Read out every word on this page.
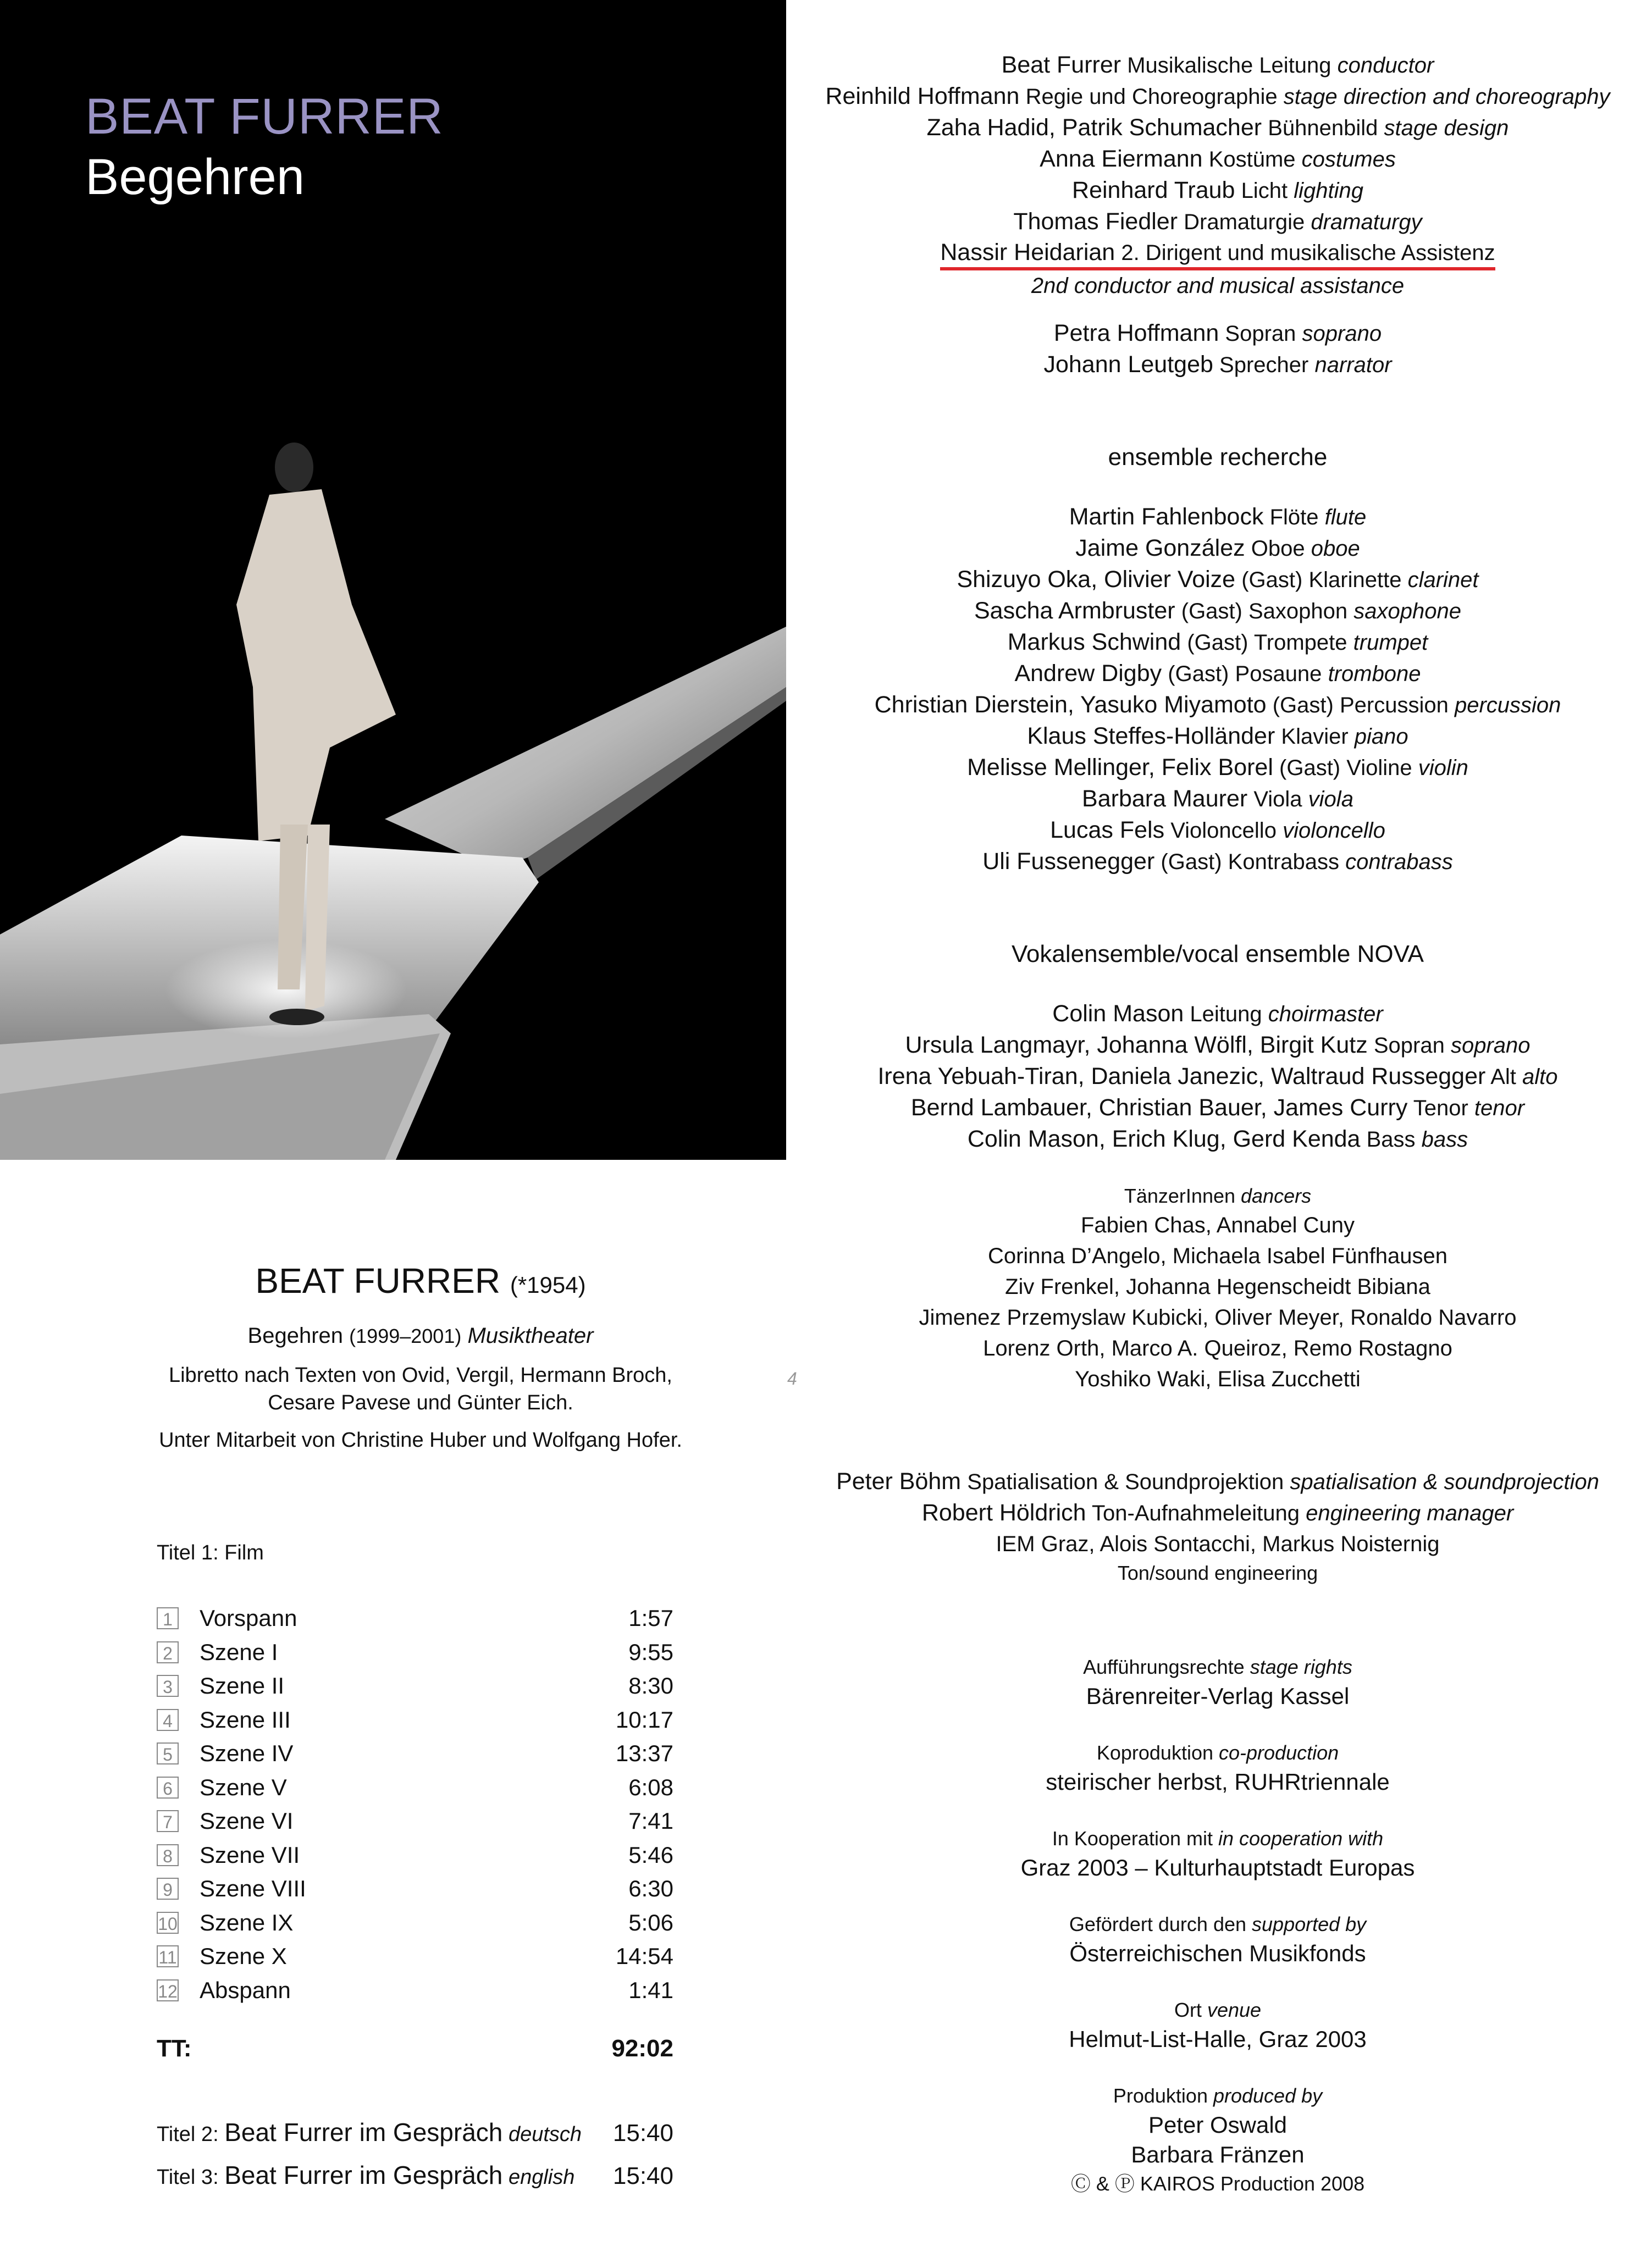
BEAT FURRER
Begehren
Beat Furrer Musikalische Leitung conductor
Reinhild Hoffmann Regie und Choreographie stage direction and choreography
Zaha Hadid, Patrik Schumacher Bühnenbild stage design
Anna Eiermann Kostüme costumes
Reinhard Traub Licht lighting
Thomas Fiedler Dramaturgie dramaturgy
Nassir Heidarian 2. Dirigent und musikalische Assistenz
2nd conductor and musical assistance
Petra Hoffmann Sopran soprano
Johann Leutgeb Sprecher narrator
ensemble recherche
Martin Fahlenbock Flöte flute
Jaime González Oboe oboe
Shizuyo Oka, Olivier Voize (Gast) Klarinette clarinet
Sascha Armbruster (Gast) Saxophon saxophone
Markus Schwind (Gast) Trompete trumpet
Andrew Digby (Gast) Posaune trombone
Christian Dierstein, Yasuko Miyamoto (Gast) Percussion percussion
Klaus Steffes-Holländer Klavier piano
Melisse Mellinger, Felix Borel (Gast) Violine violin
Barbara Maurer Viola viola
Lucas Fels Violoncello violoncello
Uli Fussenegger (Gast) Kontrabass contrabass
Vokalensemble/vocal ensemble NOVA
Colin Mason Leitung choirmaster
Ursula Langmayr, Johanna Wölfl, Birgit Kutz Sopran soprano
Irena Yebuah-Tiran, Daniela Janezic, Waltraud Russegger Alt alto
Bernd Lambauer, Christian Bauer, James Curry Tenor tenor
Colin Mason, Erich Klug, Gerd Kenda Bass bass
TänzerInnen dancers
Fabien Chas, Annabel Cuny
Corinna D’Angelo, Michaela Isabel Fünfhausen
Ziv Frenkel, Johanna Hegenscheidt Bibiana
Jimenez Przemyslaw Kubicki, Oliver Meyer, Ronaldo Navarro
Lorenz Orth, Marco A. Queiroz, Remo Rostagno
Yoshiko Waki, Elisa Zucchetti
Peter Böhm Spatialisation & Soundprojektion spatialisation & soundprojection
Robert Höldrich Ton-Aufnahmeleitung engineering manager
IEM Graz, Alois Sontacchi, Markus Noisternig
Ton/sound engineering
Aufführungsrechte stage rights
Bärenreiter-Verlag Kassel
Koproduktion co-production
steirischer herbst, RUHRtriennale
In Kooperation mit in cooperation with
Graz 2003 – Kulturhauptstadt Europas
Gefördert durch den supported by
Österreichischen Musikfonds
Ort venue
Helmut-List-Halle, Graz 2003
Produktion produced by
Peter Oswald
Barbara Fränzen
Ⓒ & Ⓟ KAIROS Production 2008
BEAT FURRER (*1954)
Begehren (1999–2001) Musiktheater
Libretto nach Texten von Ovid, Vergil, Hermann Broch,
Cesare Pavese und Günter Eich.
Unter Mitarbeit von Christine Huber und Wolfgang Hofer.
4
Titel 1: Film
1 Vorspann	1:57
2 Szene I	9:55
3 Szene II	8:30
4 Szene III	10:17
5 Szene IV	13:37
6 Szene V	6:08
7 Szene VI	7:41
8 Szene VII	5:46
9 Szene VIII	6:30
10 Szene IX	5:06
11 Szene X	14:54
12 Abspann	1:41
TT:	92:02
Titel 2: Beat Furrer im Gespräch deutsch 15:40
Titel 3: Beat Furrer im Gespräch english 15:40
